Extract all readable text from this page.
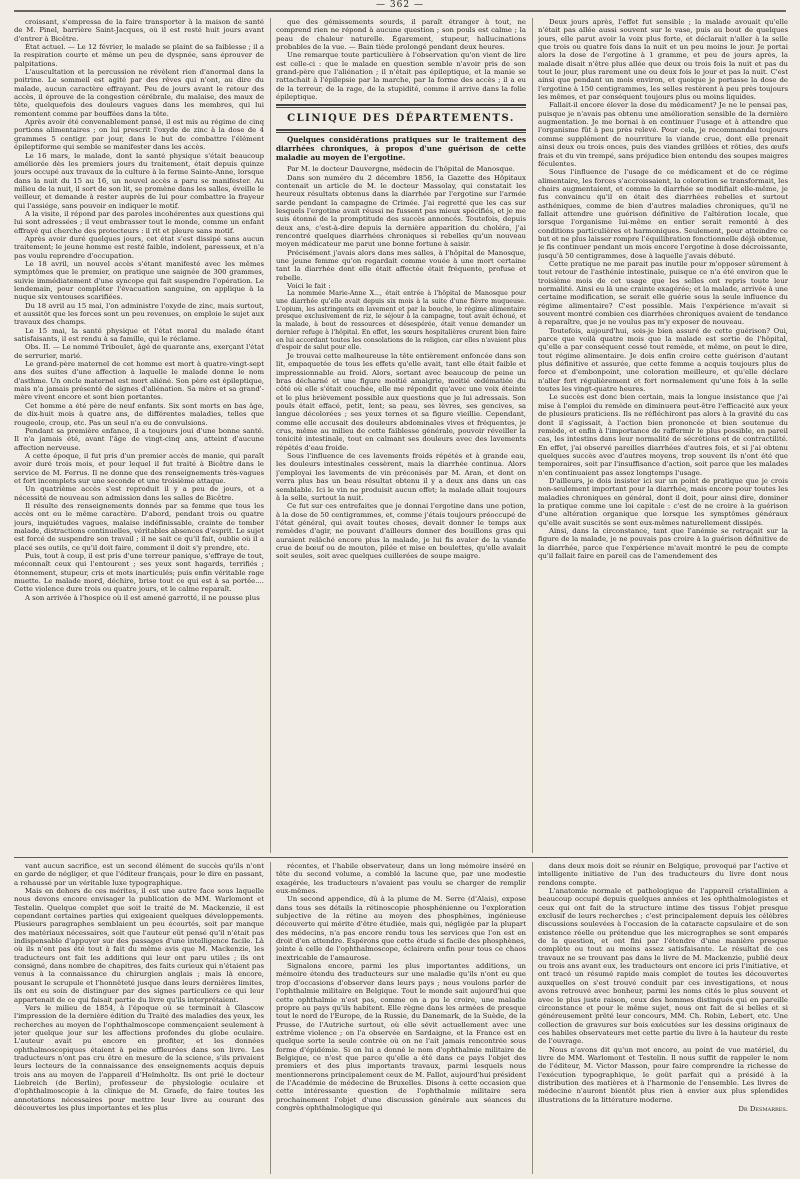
— 362 —

croissant, s'empressa de la faire transporter à la maison de santé de M. Pinel, barrière Saint-Jacques, où il est resté huit jours avant d'entrer à Bicêtre.

État actuel. — Le 12 février, le malade se plaint de sa faiblesse ; il a la respiration courte et même un peu de dyspnée, sans éprouver de palpitations.

L'auscultation et la percussion ne révèlent rien d'anormal dans la poitrine. Le sommeil est agité par des rêves qui n'ont, au dire du malade, aucun caractère effrayant. Peu de jours avant le retour des accès, il éprouve de la congestion cérébrale, du malaise, des maux de tête, quelquefois des douleurs vagues dans les membres, qui lui remontent comme par bouffées dans la tête.

Après avoir été convenablement pansé, il est mis au régime de cinq portions alimentaires ; on lui prescrit l'oxyde de zinc à la dose de 4 grammes 5 centigr. par jour, dans le but de combattre l'élément épileptiforme qui semble se manifester dans les accès.

Le 16 mars, le malade, dont la santé physique s'était beaucoup améliorée dès les premiers jours du traitement, était depuis quinze jours occupé aux travaux de la culture à la ferme Sainte-Anne, lorsque dans la nuit du 15 au 16, un nouvel accès a paru se manifester. Au milieu de la nuit, il sort de son lit, se promène dans les salles, éveille le veilleur, et demande à rester auprès de lui pour combattre la frayeur qui l'assiége, sans pouvoir en indiquer le motif.

A la visite, il répond par des paroles incohérentes aux questions qui lui sont adressées ; il veut embrasser tout le monde, comme un enfant effrayé qui cherche des protecteurs : il rit et pleure sans motif.

Après avoir duré quelques jours, cet état s'est dissipé sans aucun traitement; le jeune homme est resté faible, indolent, paresseux, et n'a pas voulu reprendre d'occupation.

Le 18 avril, un nouvel accès s'étant manifesté avec les mêmes symptômes que le premier, on pratique une saignée de 300 grammes, suivie immédiatement d'une syncope qui fait suspendre l'opération. Le lendemain, pour compléter l'évacuation sanguine, on applique à la nuque six ventouses scarifiées.

Du 18 avril au 15 mai, l'on administre l'oxyde de zinc, mais surtout, et aussitôt que les forces sont un peu revenues, on emploie le sujet aux travaux des champs.

Le 15 mai, la santé physique et l'état moral du malade étant satisfaisants, il est rendu à sa famille, qui le réclame.

Obs. II. — Le nommé Triboulet, âgé de quarante ans, exerçant l'état de serrurier, marié.

Le grand-père maternel de cet homme est mort à quatre-vingt-sept ans des suites d'une affection à laquelle le malade donne le nom d'asthme. Un oncle maternel est mort aliéné. Son père est épileptique, mais n'a jamais présenté de signes d'aliénation. Sa mère et sa grand'-mère vivent encore et sont bien portantes.

Cet homme a été père de neuf enfants. Six sont morts en bas âge, de dix-huit mois à quatre ans, de différentes maladies, telles que rougeole, croup, etc. Pas un seul n'a eu de convulsions.

Pendant sa première enfance, il a toujours joui d'une bonne santé. Il n'a jamais été, avant l'âge de vingt-cinq ans, atteint d'aucune affection nerveuse.

A cette époque, il fut pris d'un premier accès de manie, qui paraît avoir duré trois mois, et pour lequel il fut traité à Bicêtre dans le service de M. Ferrus. Il ne donne que des renseignements très-vagues et fort incomplets sur une seconde et une troisième attaque.

Un quatrième accès s'est reproduit il y a peu de jours, et a nécessité de nouveau son admission dans les salles de Bicêtre.

Il résulte des renseignements donnés par sa femme que tous les accès ont eu le même caractère. D'abord, pendant trois ou quatre jours, inquiétudes vagues, malaise indéfinissable, crainte de tomber malade, distractions continuelles, véritables absences d'esprit. Le sujet est forcé de suspendre son travail ; il ne sait ce qu'il fait, oublie où il a placé ses outils, ce qu'il doit faire, comment il doit s'y prendre, etc.

Puis, tout à coup, il est pris d'une terreur panique, s'effraye de tout, méconnaît ceux qui l'entourent ; ses yeux sont hagards, terrifiés ; étonnement, stupeur, cris et mots inarticulés; puis enfin véritable rage muette. Le malade mord, déchire, brise tout ce qui est à sa portée.... Cette violence dure trois ou quatre jours, et le calme reparaît.

A son arrivée à l'hospice où il est amené garrotté, il ne pousse plus

que des gémissements sourds, il paraît étranger à tout, ne comprend rien ne répond à aucune question ; son pouls est calme ; la peau de chaleur naturelle. Égarement, stupeur, hallucinations probables de la vue. — Bain tiède prolongé pendant deux heures.

Une remarque toute particulière à l'observation qu'on vient de lire est celle-ci : que le malade en question semble n'avoir pris de son grand-père que l'aliénation ; il n'était pas épileptique, et la manie se rattachait à l'épilepsie par la marche, par la forme des accès ; il a eu de la terreur, de la rage, de la stupidité, comme il arrive dans la folie épileptique.

CLINIQUE DES DÉPARTEMENTS.
Quelques considérations pratiques sur le traitement des diarrhées chroniques, à propos d'une guérison de cette maladie au moyen de l'ergotine.

Par M. le docteur Dauvergne, médecin de l'hôpital de Manosque.

Dans son numéro du 2 décembre 1856, la Gazette des Hôpitaux contenait un article de M. le docteur Massolay, qui constatait les heureux résultats obtenus dans la diarrhée par l'ergotine sur l'armée sarde pendant la campagne de Crimée. J'ai regretté que les cas sur lesquels l'ergotine avait réussi ne fussent pas mieux spécifiés, et je me suis étonné de la promptitude des succès annoncés. Toutefois, depuis deux ans, c'est-à-dire depuis la dernière apparition du choléra, j'ai rencontré quelques diarrhées chroniques si rebelles qu'un nouveau moyen médicateur me parut une bonne fortune à saisir.

Précisément j'avais alors dans mes salles, à l'hôpital de Manosque, une jeune femme qu'on regardait comme vouée à une mort certaine tant la diarrhée dont elle était affectée était fréquente, profuse et rebelle.

Voici le fait :

La nommée Marie-Anne X..., était entrée à l'hôpital de Manosque pour une diarrhée qu'elle avait depuis six mois à la suite d'une fièvre muqueuse. L'opium, les astringents en lavement et par la bouche, le régime alimentaire presque exclusivement de riz, le séjour à la campagne, tout avait échoué, et la malade, à bout de ressources et désespérée, était venue demander un dernier refuge à l'hôpital. En effet, les sœurs hospitalières crurent bien faire en lui accordant toutes les consolations de la religion, car elles n'avaient plus d'espoir de salut pour elle.

Je trouvai cette malheureuse la tête entièrement enfoncée dans son lit, empaquetée de tous les effets qu'elle avait, tant elle était faible et impressionnable au froid. Alors, sortant avec beaucoup de peine un bras décharné et une figure moitié amaigrie, moitié œdématiée du côté où elle s'était couchée, elle me répondit qu'avec une voix éteinte et le plus brièvement possible aux questions que je lui adressais. Son pouls était effacé, petit, lent; sa peau, ses lèvres, ses gencives, sa langue décolorées ; ses yeux ternes et sa figure vieillie. Cependant, comme elle accusait des douleurs abdominales vives et fréquentes, je crus, même au milieu de cette faiblesse générale, pouvoir réveiller la tonicité intestinale, tout en calmant ses douleurs avec des lavements répétés d'eau froide.

Sous l'influence de ces lavements froids répétés et à grande eau, les douleurs intestinales cessèrent, mais la diarrhée continua. Alors j'employai les lavements de vin préconisés par M. Aran, et dont on verra plus bas un beau résultat obtenu il y a deux ans dans un cas semblable. Ici le vin ne produisit aucun effet; la malade allait toujours à la selle, surtout la nuit.

Ce fut sur ces entrefaites que je donnai l'ergotine dans une potion, à la dose de 50 centigrammes, et, comme j'étais toujours préoccupé de l'état général, qui avait toutes choses, devait donner le temps aux remèdes d'agir, ne pouvant d'ailleurs donner des bouillons gras qui auraient relâché encore plus la malade, je lui fis avaler de la viande crue de bœuf ou de mouton, pilée et mise en boulettes, qu'elle avalait soit seules, soit avec quelques cuillerées de soupe maigre.

Deux jours après, l'effet fut sensible ; la malade avouait qu'elle n'était pas allée aussi souvent sur le vase, puis au bout de quelques jours, elle parut avoir la voix plus forte, et déclarait n'aller à la selle que trois ou quatre fois dans la nuit et un peu moins le jour. Je portai alors la dose de l'ergotine à 1 gramme, et peu de jours après, la malade disait n'être plus allée que deux ou trois fois la nuit et pas du tout le jour, plus rarement une ou deux fois le jour et pas la nuit. C'est ainsi que pendant un mois environ, et quoique je portasse la dose de l'ergotine à 150 centigrammes, les selles restèrent à peu près toujours les mêmes, et par conséquent toujours plus ou moins liquides.

Fallait-il encore élever la dose du médicament? Je ne le pensai pas, puisque je n'avais pas obtenu une amélioration sensible de la dernière augmentation. Je me bornai à en continuer l'usage et à attendre que l'organisme fût à peu près relevé. Pour cela, je recommandai toujours comme supplément de nourriture la viande crue, dont elle prenait ainsi deux ou trois onces, puis des viandes grillées et rôties, des œufs frais et du vin trempé, sans préjudice bien entendu des soupes maigres féculentes.

Sous l'influence de l'usage de ce médicament et de ce régime alimentaire, les forces s'accroissaient, la coloration se transformait, les chairs augmentaient, et comme la diarrhée se modifiait elle-même, je fus convaincu qu'il en était des diarrhées rebelles et surtout asthéniques, comme de bien d'autres maladies chroniques, qu'il ne fallait attendre une guérison définitive de l'altération locale, que lorsque l'organisme lui-même en entier serait remonté à des conditions particulières et harmoniques. Seulement, pour atteindre ce but et ne plus laisser rompre l'équilibration fonctionnelle déjà obtenue, je fis continuer pendant un mois encore l'ergotine à dose décroissante, jusqu'à 50 centigrammes, dose à laquelle j'avais débuté.

Cette pratique ne me parait pas inutile pour m'opposer sûrement à tout retour de l'asthénie intestinale, puisque ce n'a été environ que le troisième mois de cet usage que les selles ont repris toute leur normalité. Ainsi eu là une crainte exagérée; et la malade, arrivée à une certaine modification, se serait elle guérie sous la seule influence du régime alimentaire? C'est possible. Mais l'expérience m'avait si souvent montré combien ces diarrhées chroniques avaient de tendance à reparaître, que je ne voulus pas m'y exposer de nouveau.

Toutefois, aujourd'hui, sois-je bien assuré de cette guérison? Oui, parce que voilà quatre mois que la malade est sortie de l'hôpital, qu'elle a par conséquent cessé tout remède, et même, on peut le dire, tout régime alimentaire. Je dois enfin croire cette guérison d'autant plus définitive et assurée, que cette femme a acquis toujours plus de force et d'embonpoint, une coloration meilleure, et qu'elle déclare n'aller fort régulièrement et fort normalement qu'une fois à la selle toutes les vingt-quatre heures.

Le succès est donc bien certain, mais la longue insistance que j'ai mise à l'emploi du remède en diminuera peut-être l'efficacité aux yeux de plusieurs praticiens. Ils ne réfléchiront pas alors à la gravité du cas dont il s'agissait, à l'action bien prononcée et bien soutenue du remède, et enfin à l'importance de raffermir le plus possible, en pareil cas, les intestins dans leur normalité de sécrétions et de contractilité. En effet, j'ai observé pareilles diarrhées d'autres fois, et si j'ai obtenu quelques succès avec d'autres moyens, trop souvent ils n'ont été que temporaires, soit par l'insuffisance d'action, soit parce que les malades n'en continuaient pas assez longtemps l'usage.

D'ailleurs, je dois insister ici sur un point de pratique que je crois non-seulement important pour la diarrhée, mais encore pour toutes les maladies chroniques en général, dont il doit, pour ainsi dire, dominer la pratique comme une loi capitale : c'est de ne croire à la guérison d'une altération organique que lorsque les symptômes généraux qu'elle avait suscités se sont eux-mêmes naturellement dissipés.

Ainsi, dans la circonstance, tant que l'anémie se retraçait sur la figure de la malade, je ne pouvais pas croire à la guérison définitive de la diarrhée, parce que l'expérience m'avait montré le peu de compte qu'il fallait faire en pareil cas de l'amendement des

vant aucun sacrifice, est un second élément de succès qu'ils n'ont en garde de négliger, et que l'éditeur français, pour le dire en passant, a rehaussé par un véritable luxe typographique.

Mais en dehors de ces mérites, il est une autre face sous laquelle nous devons encore envisager la publication de MM. Warlomont et Testelin. Quelque complet que soit le traité de M. Mackenzie, il est cependant certaines parties qui exigeaient quelques développements. Plusieurs paragraphes semblaient un peu écourtés, soit par manque des matériaux nécessaires, soit que l'auteur eût pensé qu'il n'était pas indispensable d'appuyer sur des passages d'une intelligence facile. Là où ils n'ont pas été tout à fait du même avis que M. Mackenzie, les traducteurs ont fait les additions qui leur ont paru utiles ; ils ont consigné, dans nombre de chapitres, des faits curieux qui n'étaient pas venus à la connaissance du chirurgien anglais ; mais là encore, pousant le scrupule et l'honnêteté jusque dans leurs dernières limites, ils ont eu soin de distinguer par des signes particuliers ce qui leur appartenait de ce qui faisait partie du livre qu'ils interprétaient.

Vers le milieu de 1854, à l'époque où se terminait à Glascow l'impression de la dernière édition du Traité des maladies des yeux, les recherches au moyen de l'ophthalmoscope commençaient seulement à jeter quelque jour sur les affections profondes du globe oculaire. L'auteur avait pu encore en profiter, et les données ophthalmoscopiques étaient à peine effleurées dans son livre. Les traducteurs n'ont pas cru être en mesure de la science, s'ils privaient leurs lecteurs de la connaissance des enseignements acquis depuis trois ans au moyen de l'appareil d'Helmholtz. Ils ont prié le docteur Liebreich (de Berlin), professeur de physiologie oculaire et d'ophthalmoscopie à la clinique de M. Graefe, de faire toutes les annotations nécessaires pour mettre leur livre au courant des découvertes les plus importantes et les plus

récentes, et l'habile observateur, dans un long mémoire inséré en tête du second volume, a comblé la lacune que, par une modestie exagérée, les traducteurs n'avaient pas voulu se charger de remplir eux-mêmes.

Un second appendice, dû à la plume de M. Serre (d'Alais), expose dans tous ses détails la rétinoscopie phosphénienne ou l'exploration subjective de la rétine au moyen des phosphènes, ingénieuse découverte qui mérite d'être étudiée, mais qui, négligée par la plupart des médecins, n'a pas encore rendu tous les services que l'on est en droit d'en attendre. Espérons que cette étude si facile des phosphènes, jointe à celle de l'ophthalmoscope, éclairera enfin pour tous ce chaos inextricable de l'amaurose.

Signalons encore, parmi les plus importantes additions, un mémoire étendu des traducteurs sur une maladie qu'ils n'ont eu que trop d'occasions d'observer dans leurs pays ; nous voulons parler de l'ophthalmie militaire en Belgique. Tout le monde sait aujourd'hui que cette ophthalmie n'est pas, comme on a pu le croire, une maladie propre au pays qu'ils habitent. Elle règne dans les armées de presque tout le nord de l'Europe, de la Russie, du Danemark, de la Suède, de la Prusse, de l'Autriche surtout, où elle sévit actuellement avec une extrême violence ; on l'a observée en Sardaigne, et la France est en quelque sorte la seule contrée où on ne l'ait jamais rencontrée sous forme d'épidémie. Si on lui a donné le nom d'ophthalmie militaire de Belgique, ce n'est que parce qu'elle a été dans ce pays l'objet des premiers et des plus importants travaux, parmi lesquels nous mentionnerons principalement ceux de M. Fallot, aujourd'hui président de l'Académie de médecine de Bruxelles. Disons à cette occasion que cette intéressante question de l'ophthalmie militaire sera prochainement l'objet d'une discussion générale aux séances du congrès ophthalmologique qui

dans deux mois doit se réunir en Belgique, provoqué par l'active et intelligente initiative de l'un des traducteurs du livre dont nous rendons compte.

L'anatomie normale et pathologique de l'appareil cristallinien a beaucoup occupé depuis quelques années et les ophthalmologistes et ceux qui ont fait de la structure intime des tissus l'objet presque exclusif de leurs recherches ; c'est principalement depuis les célèbres discussions soulevées à l'occasion de la cataracte capsulaire et de son existence réelle ou prétendue que les micrographes se sont emparés de la question, et ont fini par l'étendre d'une manière presque complète ou tout au moins assez satisfaisante. Le résultat de ces travaux ne se trouvant pas dans le livre de M. Mackenzie, publié deux ou trois ans avant eux, les traducteurs ont encore ici pris l'initiative, et ont tracé un résumé rapide mais complet de toutes les découvertes auxquelles on s'est trouvé conduit par ces investigations, et nous avons retrouvé avec bonheur, parmi les noms cités le plus souvent et avec le plus juste raison, ceux des hommes distingués qui en pareille circonstance et pour le même sujet, nous ont fait de si belles et si généreusement prêté leur concours, MM. Ch. Robin, Lebert, etc. Une collection de gravures sur bois exécutées sur les dessins originaux de ces habiles observateurs met cette partie du livre à la hauteur du reste de l'ouvrage.

Nous n'avons dit qu'un mot encore, au point de vue matériel, du livre de MM. Warlomont et Testelin. Il nous suffit de rappeler le nom de l'éditeur, M. Victor Masson, pour faire comprendre la richesse de l'exécution typographique, le goût parfait qui a présidé à la distribution des matières et à l'harmonie de l'ensemble. Les livres de médecine n'auront bientôt plus rien à envier aux plus splendides illustrations de la littérature moderne.

Dr Desmarres.
